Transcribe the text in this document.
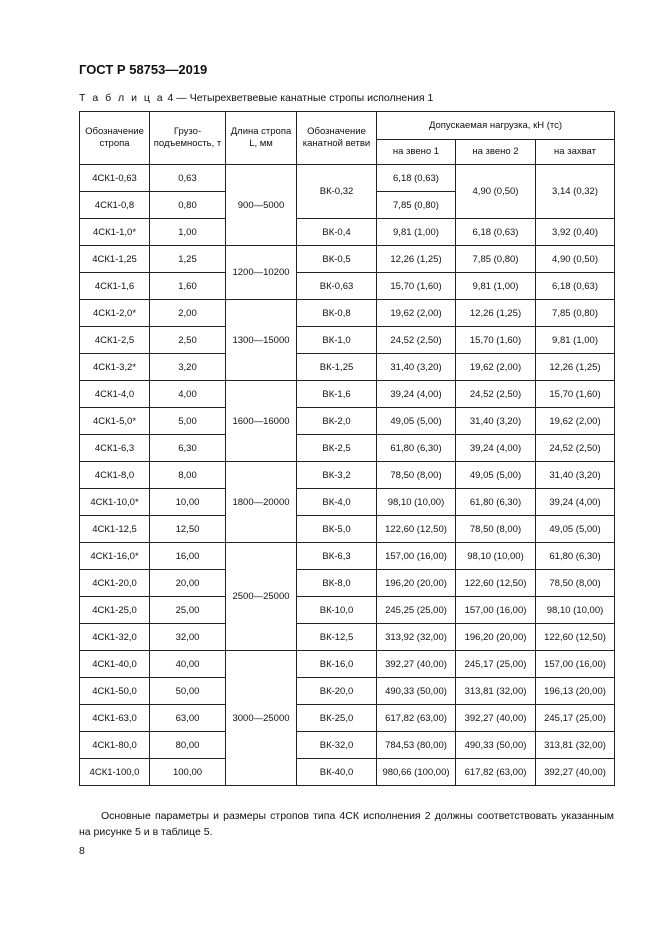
ГОСТ Р 58753—2019
Т а б л и ц а 4 — Четырехветвевые канатные стропы исполнения 1
Обозначение стропа	Грузо-подъемность, т	Длина стропа L, мм	Обозначение канатной ветви	Допускаемая нагрузка, кН (тс)		
				на звено 1	на звено 2	на захват
4СК1-0,63	0,63	900—5000	ВК-0,32	6,18 (0,63)	4,90 (0,50)	3,14 (0,32)
4СК1-0,8	0,80			7,85 (0,80)		
4СК1-1,0*	1,00		ВК-0,4	9,81 (1,00)	6,18 (0,63)	3,92 (0,40)
4СК1-1,25	1,25	1200—10200	ВК-0,5	12,26 (1,25)	7,85 (0,80)	4,90 (0,50)
4СК1-1,6	1,60		ВК-0,63	15,70 (1,60)	9,81 (1,00)	6,18 (0,63)
4СК1-2,0*	2,00	1300—15000	ВК-0,8	19,62 (2,00)	12,26 (1,25)	7,85 (0,80)
4СК1-2,5	2,50		ВК-1,0	24,52 (2,50)	15,70 (1,60)	9,81 (1,00)
4СК1-3,2*	3,20		ВК-1,25	31,40 (3,20)	19,62 (2,00)	12,26 (1,25)
4СК1-4,0	4,00	1600—16000	ВК-1,6	39,24 (4,00)	24,52 (2,50)	15,70 (1,60)
4СК1-5,0*	5,00		ВК-2,0	49,05 (5,00)	31,40 (3,20)	19,62 (2,00)
4СК1-6,3	6,30		ВК-2,5	61,80 (6,30)	39,24 (4,00)	24,52 (2,50)
4СК1-8,0	8,00	1800—20000	ВК-3,2	78,50 (8,00)	49,05 (5,00)	31,40 (3,20)
4СК1-10,0*	10,00		ВК-4,0	98,10 (10,00)	61,80 (6,30)	39,24 (4,00)
4СК1-12,5	12,50		ВК-5,0	122,60 (12,50)	78,50 (8,00)	49,05 (5,00)
4СК1-16,0*	16,00	2500—25000	ВК-6,3	157,00 (16,00)	98,10 (10,00)	61,80 (6,30)
4СК1-20,0	20,00		ВК-8,0	196,20 (20,00)	122,60 (12,50)	78,50 (8,00)
4СК1-25,0	25,00		ВК-10,0	245,25 (25,00)	157,00 (16,00)	98,10 (10,00)
4СК1-32,0	32,00		ВК-12,5	313,92 (32,00)	196,20 (20,00)	122,60 (12,50)
4СК1-40,0	40,00	3000—25000	ВК-16,0	392,27 (40,00)	245,17 (25,00)	157,00 (16,00)
4СК1-50,0	50,00		ВК-20,0	490,33 (50,00)	313,81 (32,00)	196,13 (20,00)
4СК1-63,0	63,00		ВК-25,0	617,82 (63,00)	392,27 (40,00)	245,17 (25,00)
4СК1-80,0	80,00		ВК-32,0	784,53 (80,00)	490,33 (50,00)	313,81 (32,00)
4СК1-100,0	100,00		ВК-40,0	980,66 (100,00)	617,82 (63,00)	392,27 (40,00)
Основные параметры и размеры стропов типа 4СК исполнения 2 должны соответствовать указанным на рисунке 5 и в таблице 5.
8
